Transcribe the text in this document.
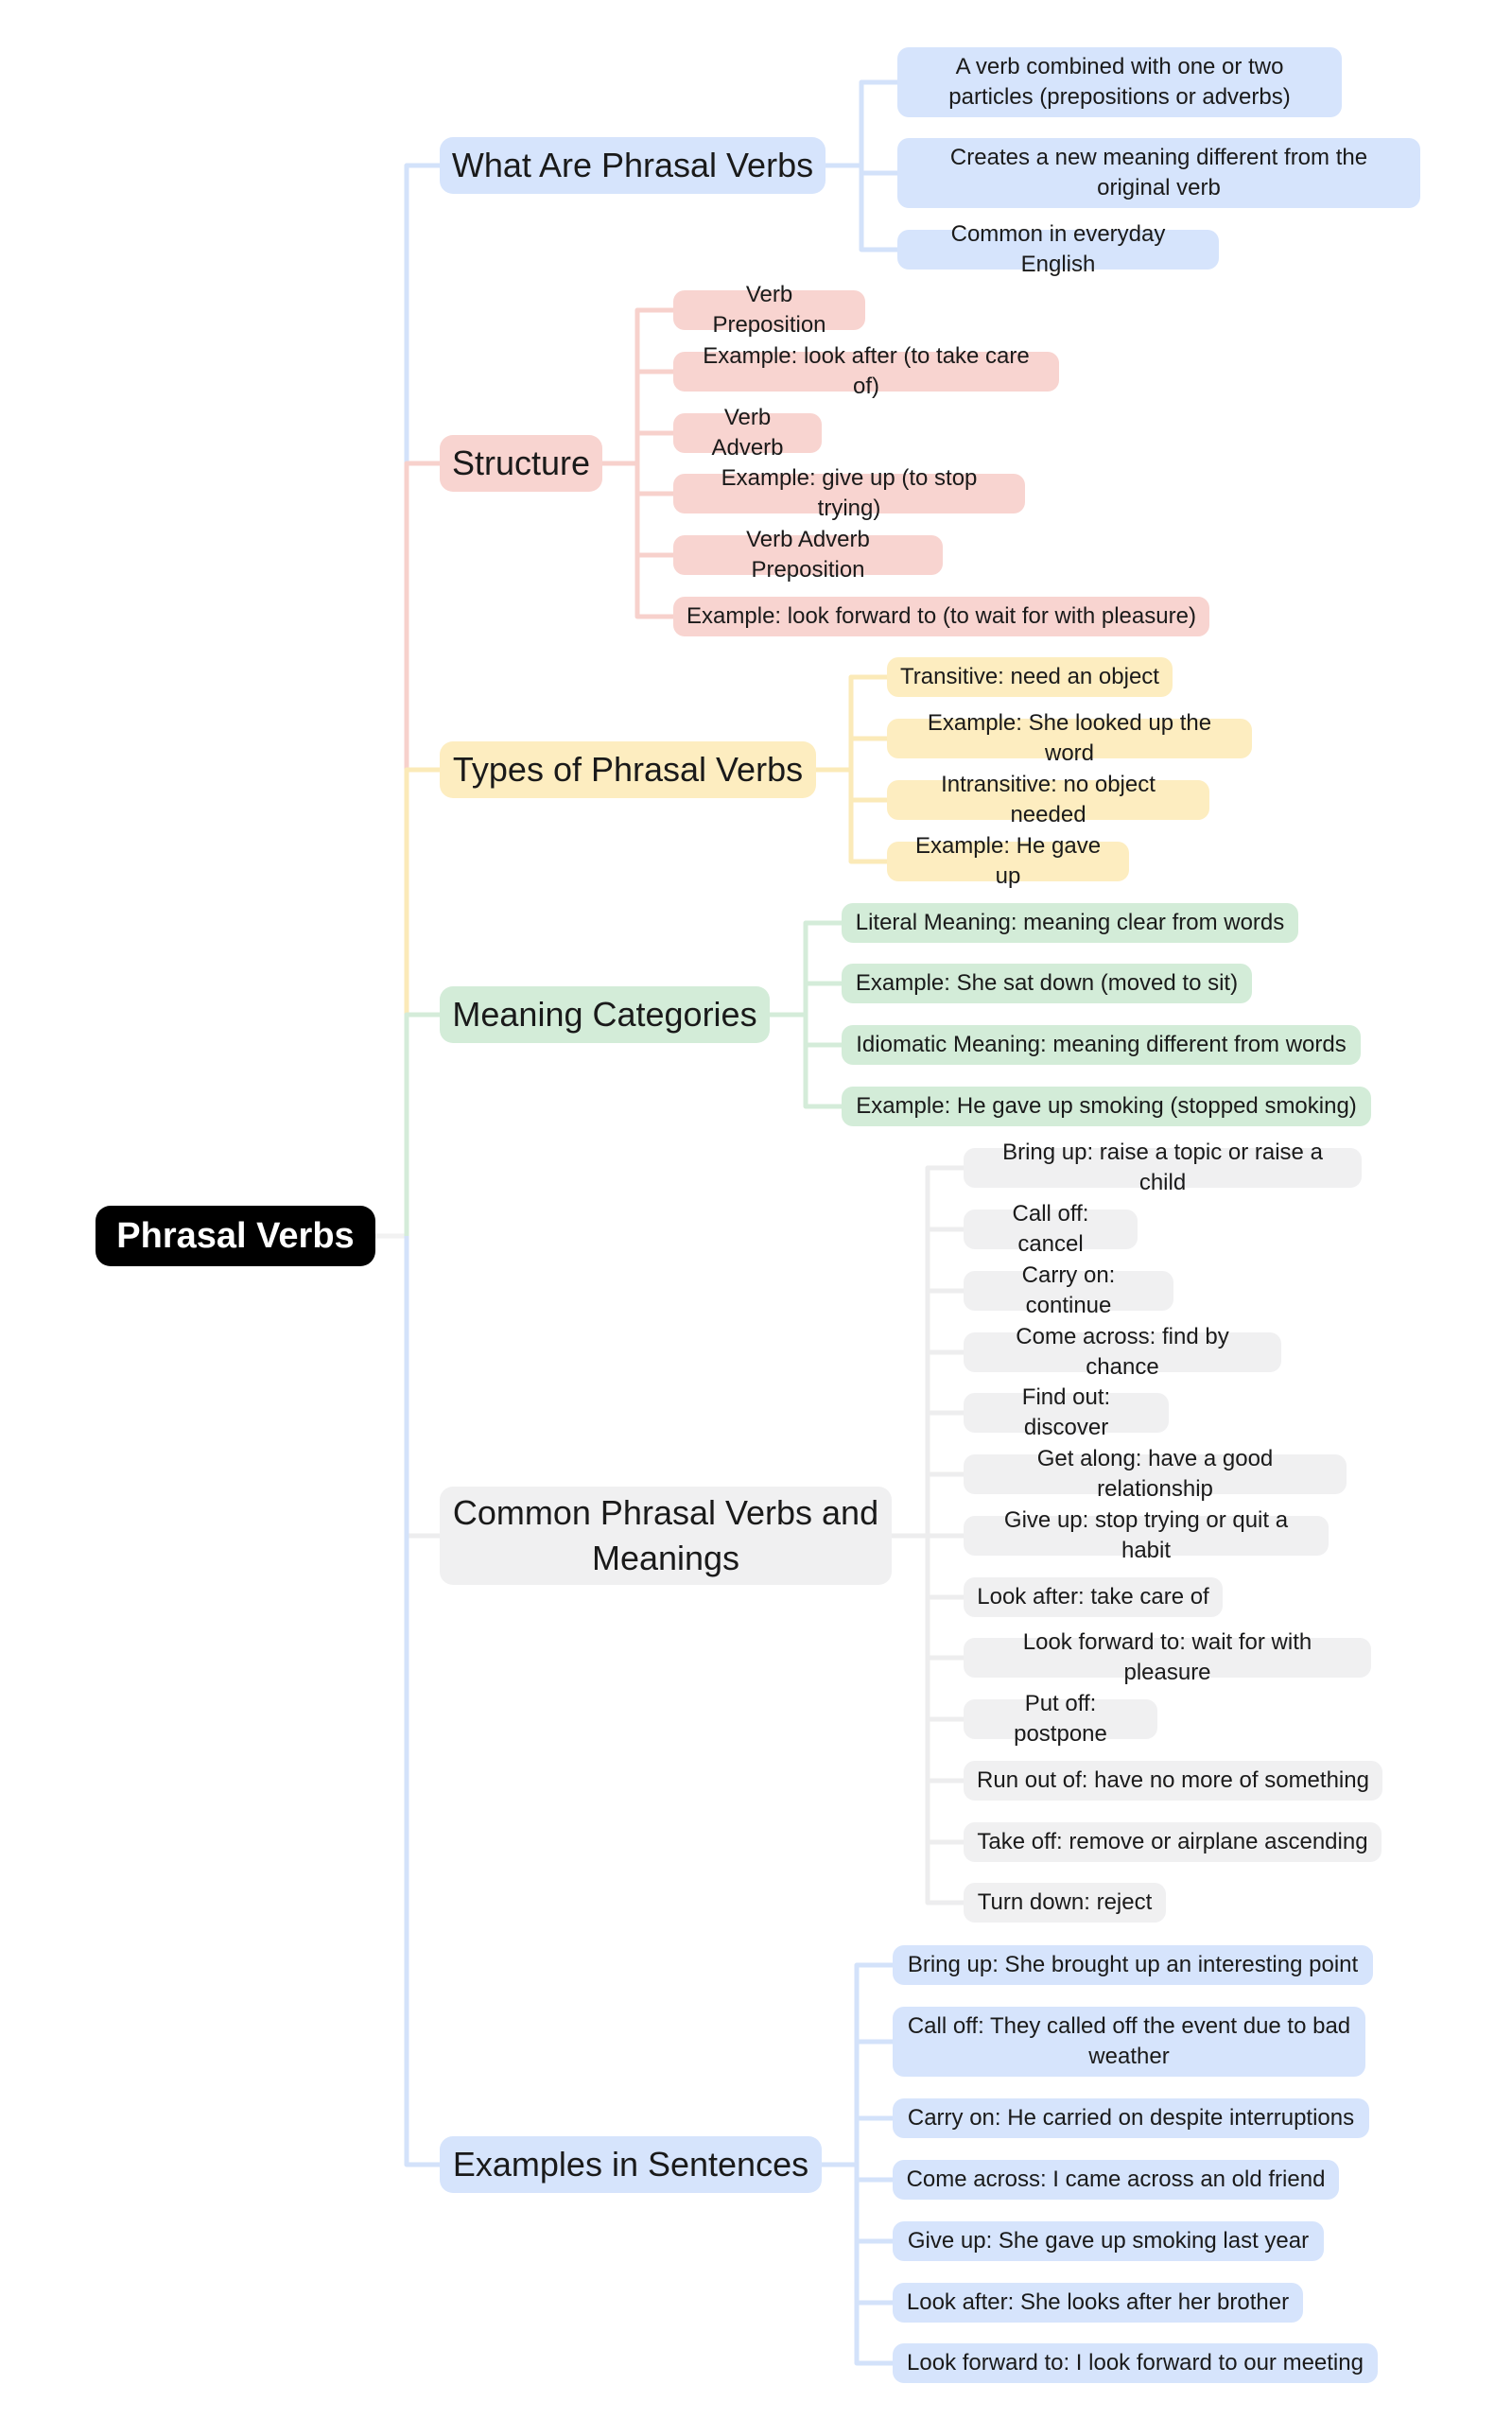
Phrasal Verbs
What Are Phrasal Verbs
A verb combined with one or two particles (prepositions or adverbs)
Creates a new meaning different from the original verb
Common in everyday English
Structure
Verb Preposition
Example: look after (to take care of)
Verb Adverb
Example: give up (to stop trying)
Verb Adverb Preposition
Example: look forward to (to wait for with pleasure)
Types of Phrasal Verbs
Transitive: need an object
Example: She looked up the word
Intransitive: no object needed
Example: He gave up
Meaning Categories
Literal Meaning: meaning clear from words
Example: She sat down (moved to sit)
Idiomatic Meaning: meaning different from words
Example: He gave up smoking (stopped smoking)
Common Phrasal Verbs and Meanings
Bring up: raise a topic or raise a child
Call off: cancel
Carry on: continue
Come across: find by chance
Find out: discover
Get along: have a good relationship
Give up: stop trying or quit a habit
Look after: take care of
Look forward to: wait for with pleasure
Put off: postpone
Run out of: have no more of something
Take off: remove or airplane ascending
Turn down: reject
Examples in Sentences
Bring up: She brought up an interesting point
Call off: They called off the event due to bad weather
Carry on: He carried on despite interruptions
Come across: I came across an old friend
Give up: She gave up smoking last year
Look after: She looks after her brother
Look forward to: I look forward to our meeting
